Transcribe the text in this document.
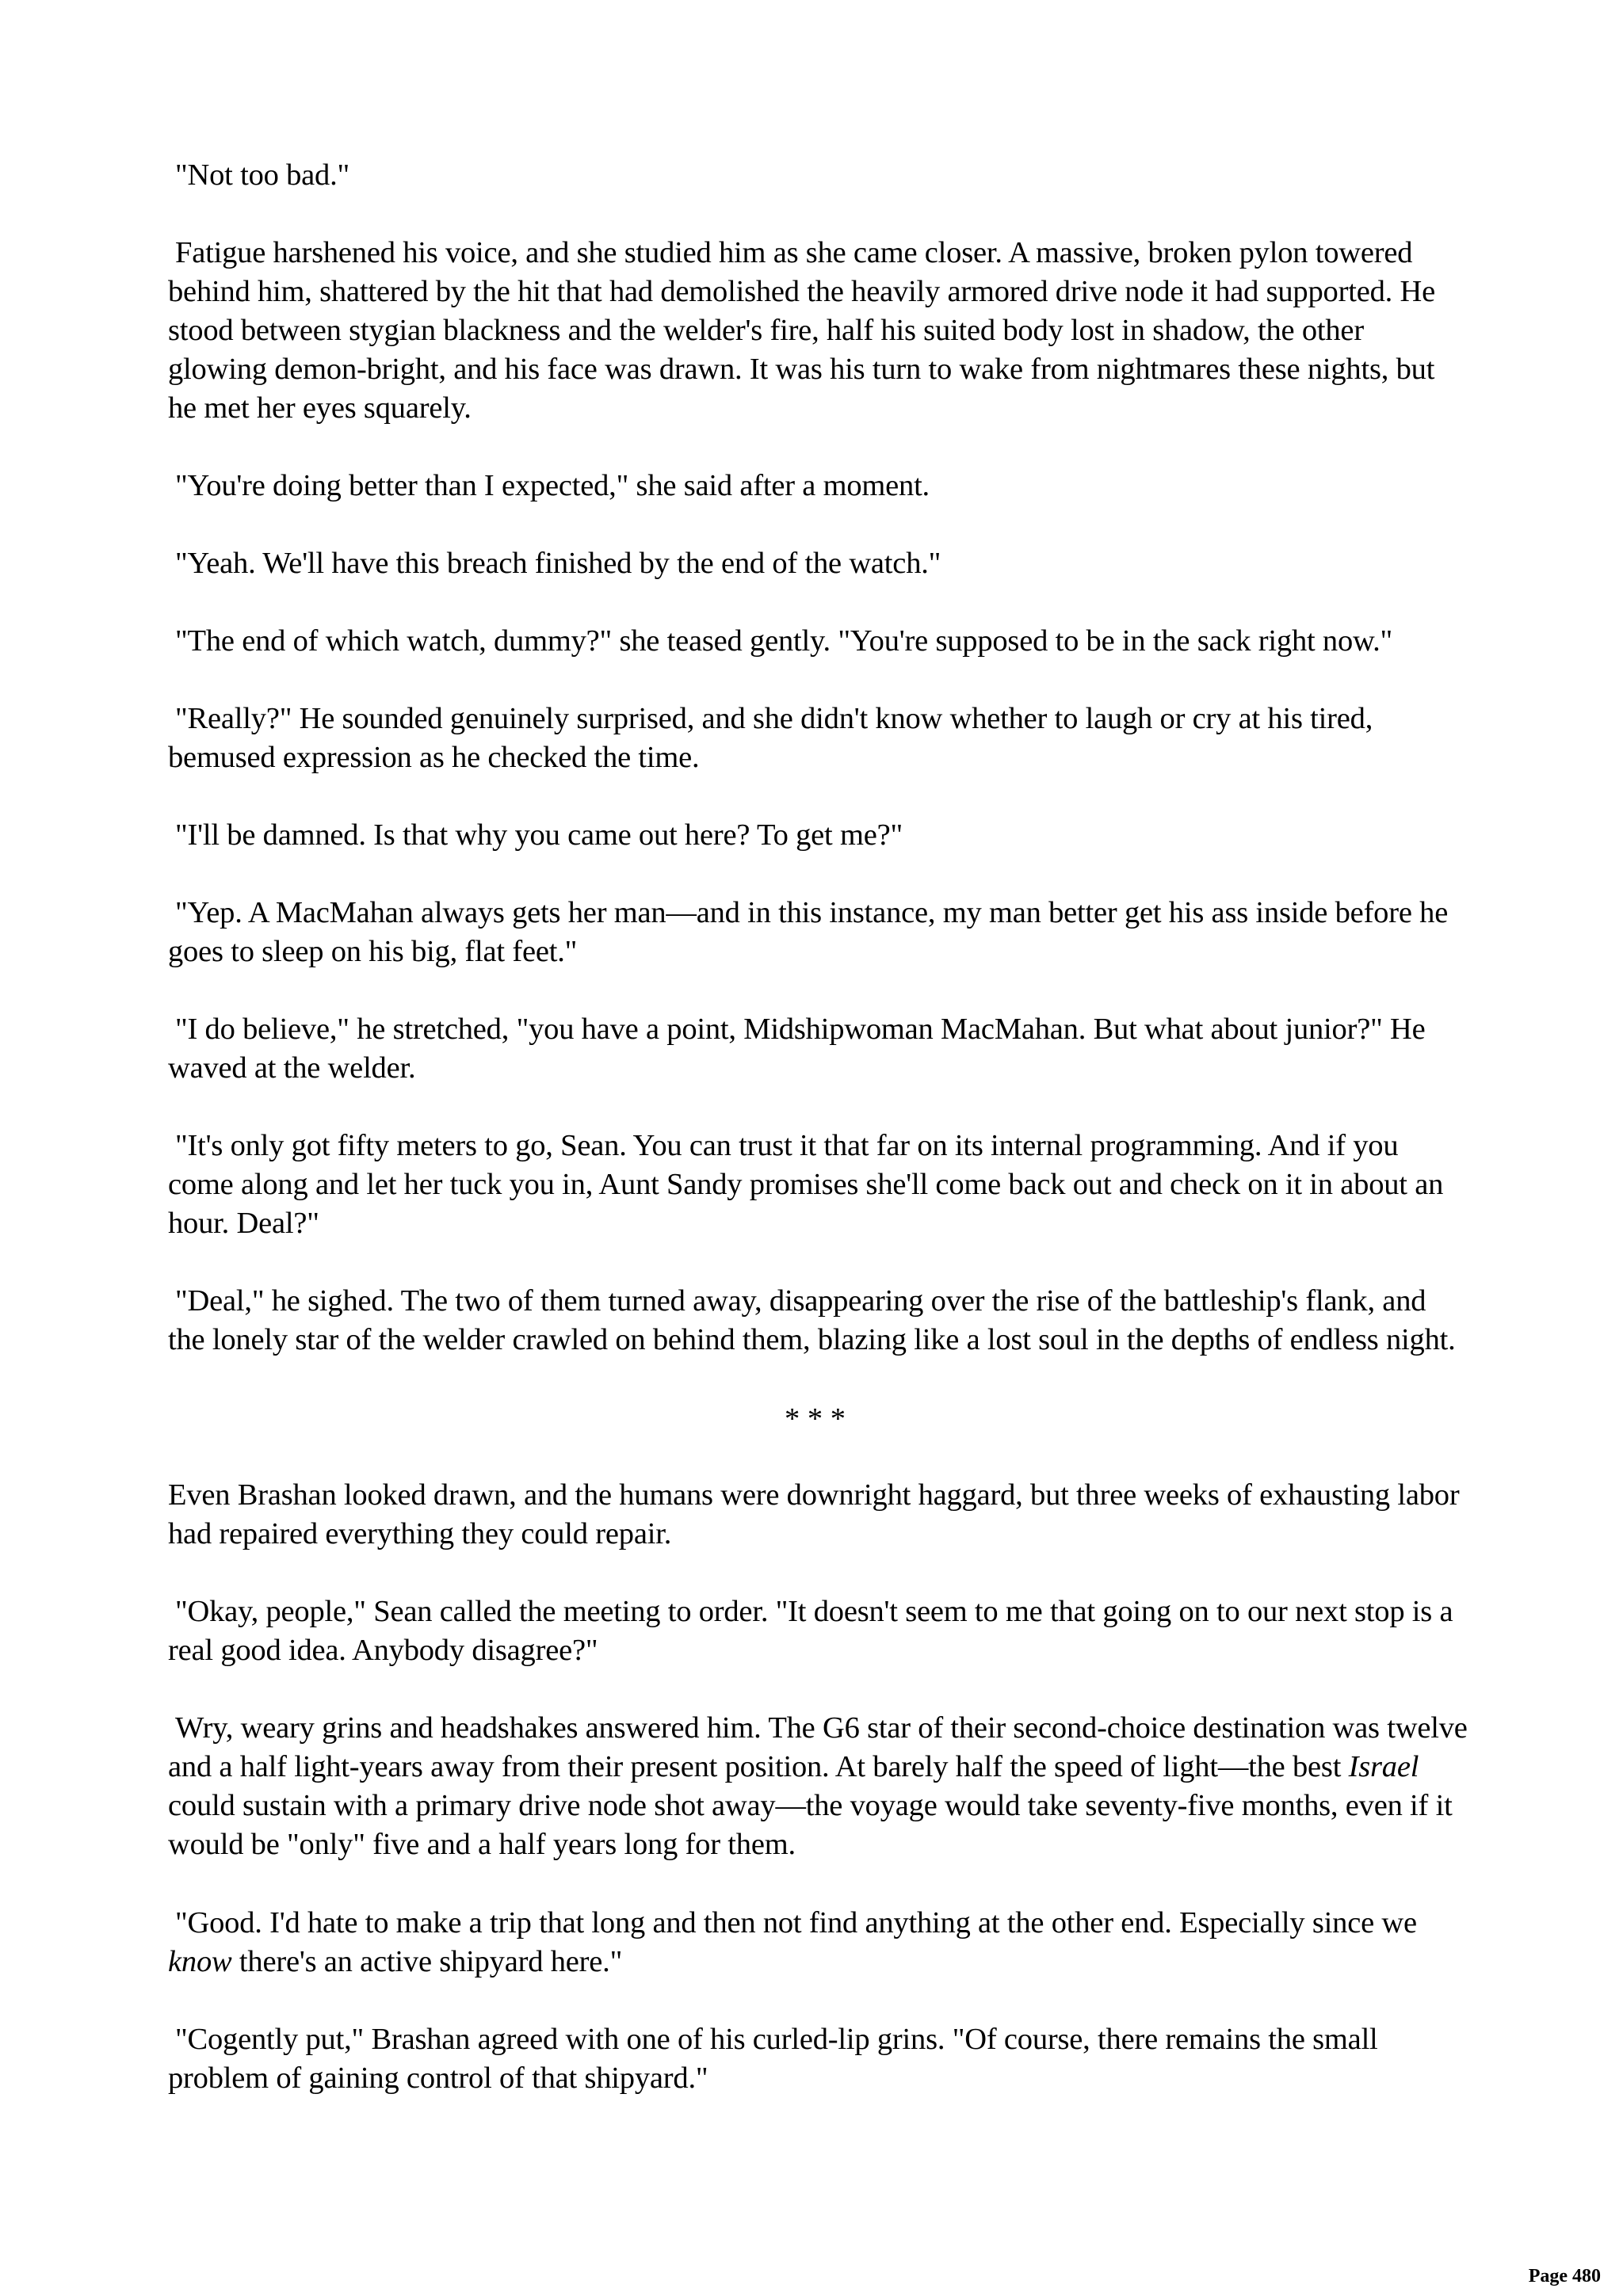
"Not too bad."

Fatigue harshened his voice, and she studied him as she came closer. A massive, broken pylon towered behind him, shattered by the hit that had demolished the heavily armored drive node it had supported. He stood between stygian blackness and the welder's fire, half his suited body lost in shadow, the other glowing demon-bright, and his face was drawn. It was his turn to wake from nightmares these nights, but he met her eyes squarely.

"You're doing better than I expected," she said after a moment.

"Yeah. We'll have this breach finished by the end of the watch."

"The end of which watch, dummy?" she teased gently. "You're supposed to be in the sack right now."

"Really?" He sounded genuinely surprised, and she didn't know whether to laugh or cry at his tired, bemused expression as he checked the time.

"I'll be damned. Is that why you came out here? To get me?"

"Yep. A MacMahan always gets her man—and in this instance, my man better get his ass inside before he goes to sleep on his big, flat feet."

"I do believe," he stretched, "you have a point, Midshipwoman MacMahan. But what about junior?" He waved at the welder.

"It's only got fifty meters to go, Sean. You can trust it that far on its internal programming. And if you come along and let her tuck you in, Aunt Sandy promises she'll come back out and check on it in about an hour. Deal?"

"Deal," he sighed. The two of them turned away, disappearing over the rise of the battleship's flank, and the lonely star of the welder crawled on behind them, blazing like a lost soul in the depths of endless night.

* * *

Even Brashan looked drawn, and the humans were downright haggard, but three weeks of exhausting labor had repaired everything they could repair.

"Okay, people," Sean called the meeting to order. "It doesn't seem to me that going on to our next stop is a real good idea. Anybody disagree?"

Wry, weary grins and headshakes answered him. The G6 star of their second-choice destination was twelve and a half light-years away from their present position. At barely half the speed of light—the best Israel could sustain with a primary drive node shot away—the voyage would take seventy-five months, even if it would be "only" five and a half years long for them.

"Good. I'd hate to make a trip that long and then not find anything at the other end. Especially since we know there's an active shipyard here."

"Cogently put," Brashan agreed with one of his curled-lip grins. "Of course, there remains the small problem of gaining control of that shipyard."

Page 480
